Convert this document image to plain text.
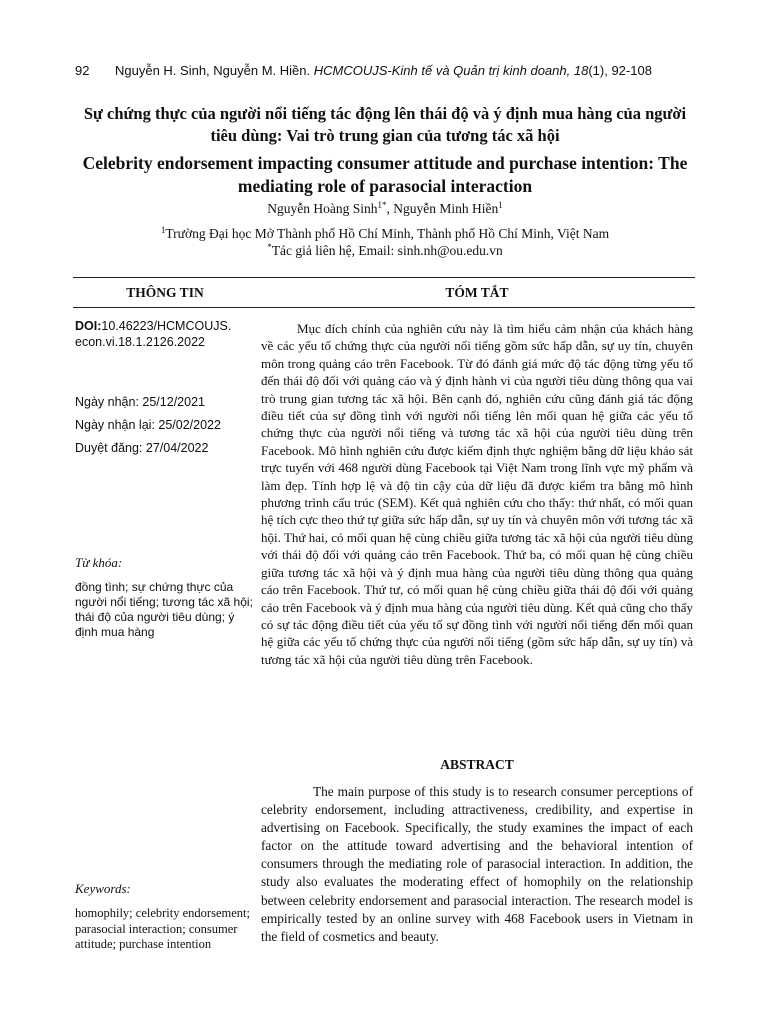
92 Nguyễn H. Sinh, Nguyễn M. Hiền. HCMCOUJS-Kinh tế và Quản trị kinh doanh, 18(1), 92-108
Sự chứng thực của người nổi tiếng tác động lên thái độ và ý định mua hàng của người tiêu dùng: Vai trò trung gian của tương tác xã hội
Celebrity endorsement impacting consumer attitude and purchase intention: The mediating role of parasocial interaction
Nguyễn Hoàng Sinh$^{1*}$, Nguyễn Minh Hiền$^1$
$^1$Trường Đại học Mở Thành phố Hồ Chí Minh, Thành phố Hồ Chí Minh, Việt Nam
*Tác giả liên hệ, Email: sinh.nh@ou.edu.vn
THÔNG TIN	TÓM TẮT
DOI:10.46223/HCMCOUJS. econ.vi.18.1.2126.2022
Ngày nhận: 25/12/2021
Ngày nhận lại: 25/02/2022
Duyệt đăng: 27/04/2022
Từ khóa:
đồng tình; sự chứng thực của người nổi tiếng; tương tác xã hội; thái độ của người tiêu dùng; ý định mua hàng

Mục đích chính của nghiên cứu này là tìm hiểu cảm nhận của khách hàng về các yếu tố chứng thực của người nổi tiếng gồm sức hấp dẫn, sự uy tín, chuyên môn trong quảng cáo trên Facebook. Từ đó đánh giá mức độ tác động từng yếu tố đến thái độ đối với quảng cáo và ý định hành vi của người tiêu dùng thông qua vai trò trung gian tương tác xã hội. Bên cạnh đó, nghiên cứu cũng đánh giá tác động điều tiết của sự đồng tình với người nổi tiếng lên mối quan hệ giữa các yếu tố chứng thực của người nổi tiếng và tương tác xã hội của người tiêu dùng trên Facebook. Mô hình nghiên cứu được kiểm định thực nghiệm bằng dữ liệu khảo sát trực tuyến với 468 người dùng Facebook tại Việt Nam trong lĩnh vực mỹ phẩm và làm đẹp. Tính hợp lệ và độ tin cậy của dữ liệu đã được kiểm tra bằng mô hình phương trình cấu trúc (SEM). Kết quả nghiên cứu cho thấy: thứ nhất, có mối quan hệ tích cực theo thứ tự giữa sức hấp dẫn, sự uy tín và chuyên môn với tương tác xã hội. Thứ hai, có mối quan hệ cùng chiều giữa tương tác xã hội của người tiêu dùng với thái độ đối với quảng cáo trên Facebook. Thứ ba, có mối quan hệ cùng chiều giữa tương tác xã hội và ý định mua hàng của người tiêu dùng thông qua quảng cáo trên Facebook. Thứ tư, có mối quan hệ cùng chiều giữa thái độ đối với quảng cáo trên Facebook và ý định mua hàng của người tiêu dùng. Kết quả cũng cho thấy có sự tác động điều tiết của yếu tố sự đồng tình với người nổi tiếng đến mối quan hệ giữa các yếu tố chứng thực của người nổi tiếng (gồm sức hấp dẫn, sự uy tín) và tương tác xã hội của người tiêu dùng trên Facebook.

ABSTRACT

The main purpose of this study is to research consumer perceptions of celebrity endorsement, including attractiveness, credibility, and expertise in advertising on Facebook. Specifically, the study examines the impact of each factor on the attitude toward advertising and the behavioral intention of consumers through the mediating role of parasocial interaction. In addition, the study also evaluates the moderating effect of homophily on the relationship between celebrity endorsement and parasocial interaction. The research model is empirically tested by an online survey with 468 Facebook users in Vietnam in the field of cosmetics and beauty.

Keywords:
homophily; celebrity endorsement; parasocial interaction; consumer attitude; purchase intention
